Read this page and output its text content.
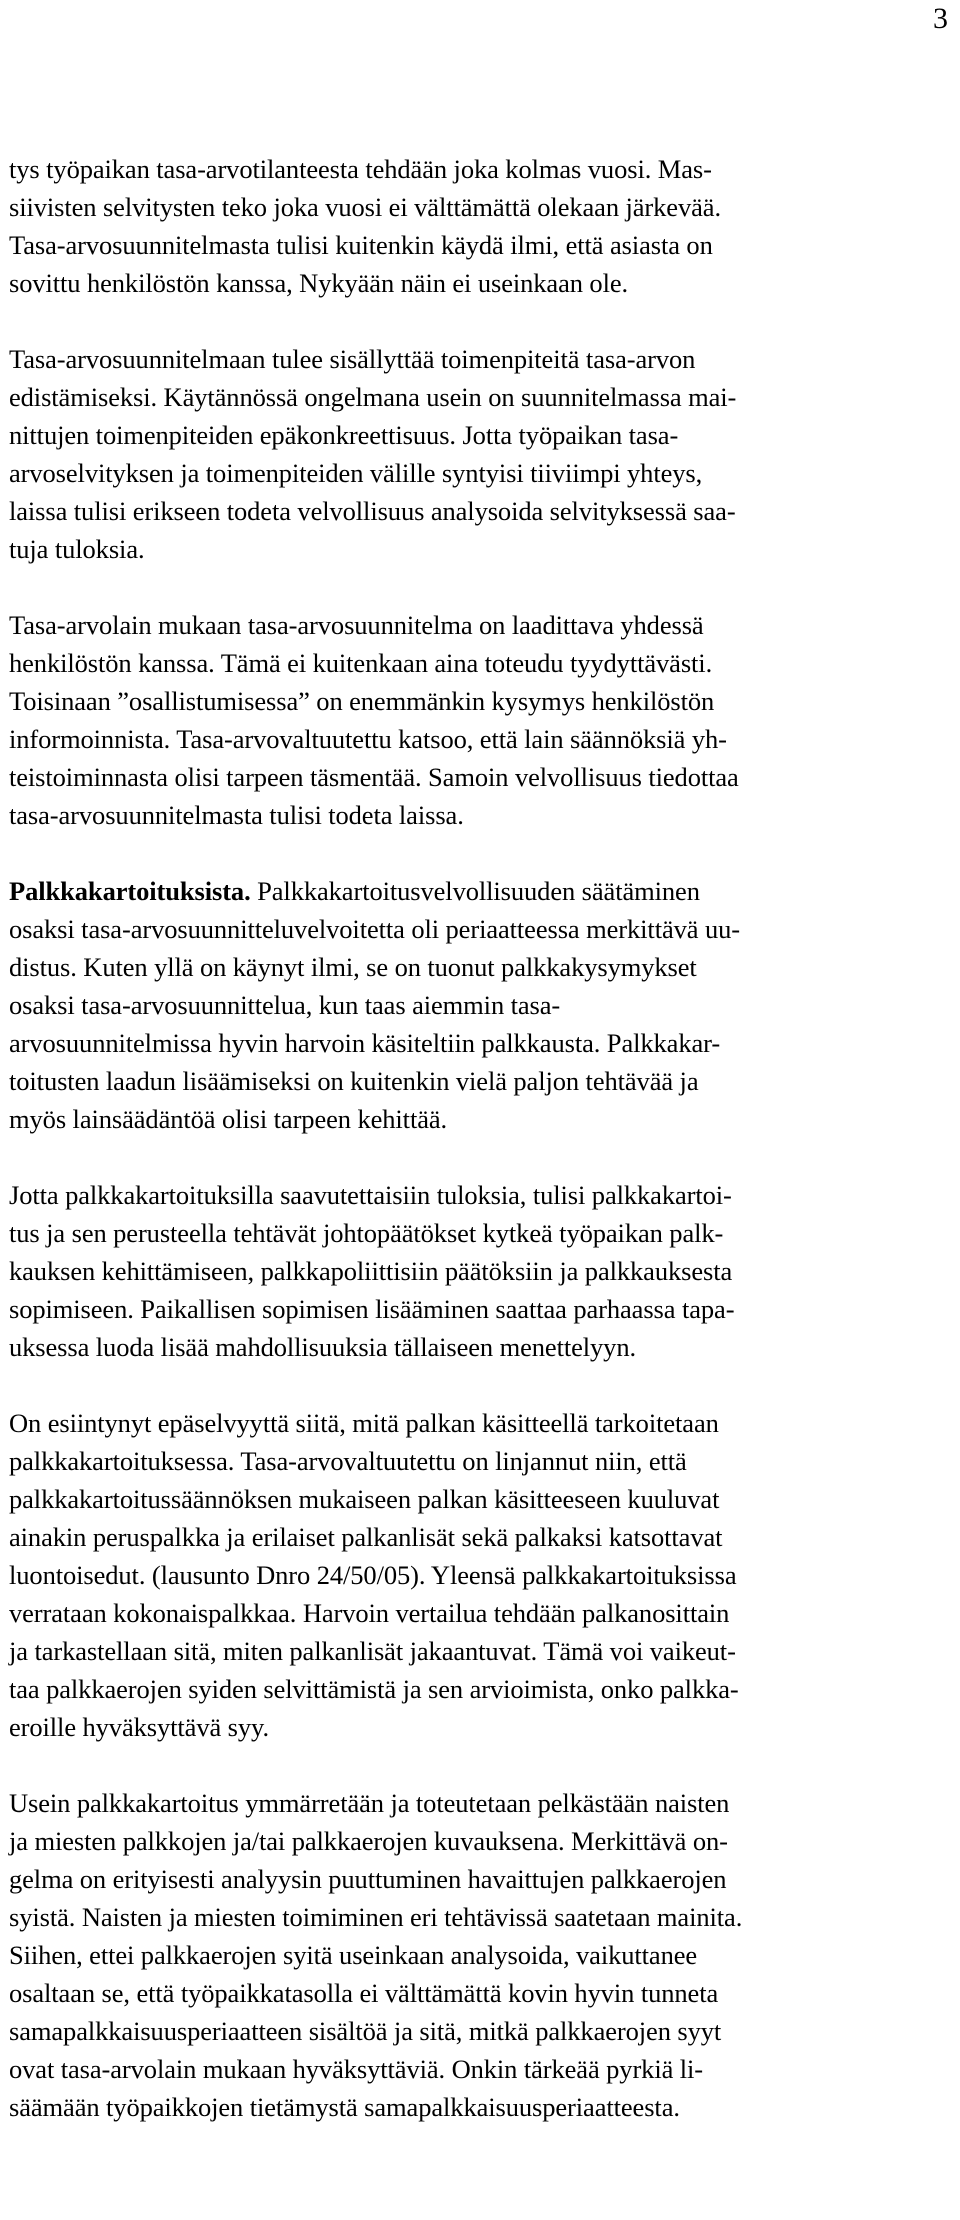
3
tys työpaikan tasa-arvotilanteesta tehdään joka kolmas vuosi. Mas-
siivisten selvitysten teko joka vuosi ei välttämättä olekaan järkevää.
Tasa-arvosuunnitelmasta tulisi kuitenkin käydä ilmi, että asiasta on
sovittu henkilöstön kanssa, Nykyään näin ei useinkaan ole.
Tasa-arvosuunnitelmaan tulee sisällyttää toimenpiteitä tasa-arvon
edistämiseksi. Käytännössä ongelmana usein on suunnitelmassa mai-
nittujen toimenpiteiden epäkonkreettisuus. Jotta työpaikan tasa-
arvoselvityksen ja toimenpiteiden välille syntyisi tiiviimpi yhteys,
laissa tulisi erikseen todeta velvollisuus analysoida selvityksessä saa-
tuja tuloksia.
Tasa-arvolain mukaan tasa-arvosuunnitelma on laadittava yhdessä
henkilöstön kanssa. Tämä ei kuitenkaan aina toteudu tyydyttävästi.
Toisinaan ”osallistumisessa” on enemmänkin kysymys henkilöstön
informoinnista. Tasa-arvovaltuutettu katsoo, että lain säännöksiä yh-
teistoiminnasta olisi tarpeen täsmentää. Samoin velvollisuus tiedottaa
tasa-arvosuunnitelmasta tulisi todeta laissa.
Palkkakartoituksista. Palkkakartoitusvelvollisuuden säätäminen
osaksi tasa-arvosuunnitteluvelvoitetta oli periaatteessa merkittävä uu-
distus. Kuten yllä on käynyt ilmi, se on tuonut palkkakysymykset
osaksi tasa-arvosuunnittelua, kun taas aiemmin tasa-
arvosuunnitelmissa hyvin harvoin käsiteltiin palkkausta. Palkkakar-
toitusten laadun lisäämiseksi on kuitenkin vielä paljon tehtävää ja
myös lainsäädäntöä olisi tarpeen kehittää.
Jotta palkkakartoituksilla saavutettaisiin tuloksia, tulisi palkkakartoi-
tus ja sen perusteella tehtävät johtopäätökset kytkeä työpaikan palk-
kauksen kehittämiseen, palkkapoliittisiin päätöksiin ja palkkauksesta
sopimiseen. Paikallisen sopimisen lisääminen saattaa parhaassa tapa-
uksessa luoda lisää mahdollisuuksia tällaiseen menettelyyn.
On esiintynyt epäselvyyttä siitä, mitä palkan käsitteellä tarkoitetaan
palkkakartoituksessa. Tasa-arvovaltuutettu on linjannut niin, että
palkkakartoitussäännöksen mukaiseen palkan käsitteeseen kuuluvat
ainakin peruspalkka ja erilaiset palkanlisät sekä palkaksi katsottavat
luontoisedut. (lausunto Dnro 24/50/05). Yleensä palkkakartoituksissa
verrataan kokonaispalkkaa. Harvoin vertailua tehdään palkanosittain
ja tarkastellaan sitä, miten palkanlisät jakaantuvat. Tämä voi vaikeut-
taa palkkaerojen syiden selvittämistä ja sen arvioimista, onko palkka-
eroille hyväksyttävä syy.
Usein palkkakartoitus ymmärretään ja toteutetaan pelkästään naisten
ja miesten palkkojen ja/tai palkkaerojen kuvauksena. Merkittävä on-
gelma on erityisesti analyysin puuttuminen havaittujen palkkaerojen
syistä. Naisten ja miesten toimiminen eri tehtävissä saatetaan mainita.
Siihen, ettei palkkaerojen syitä useinkaan analysoida, vaikuttanee
osaltaan se, että työpaikkatasolla ei välttämättä kovin hyvin tunneta
samapalkkaisuusperiaatteen sisältöä ja sitä, mitkä palkkaerojen syyt
ovat tasa-arvolain mukaan hyväksyttäviä. Onkin tärkeää pyrkiä li-
säämään työpaikkojen tietämystä samapalkkaisuusperiaatteesta.
